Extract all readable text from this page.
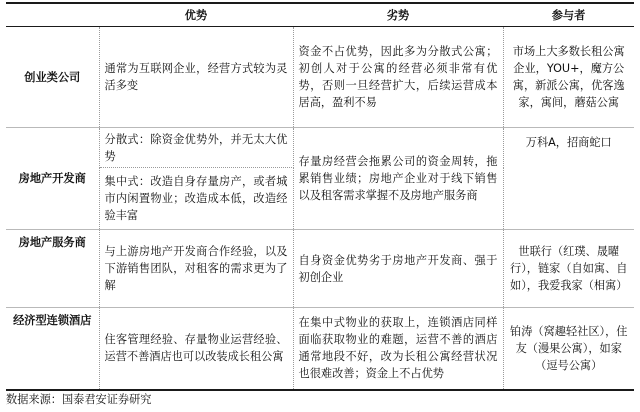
	优势	劣势	参与者
创业类公司	通常为互联网企业，经营方式较为灵活多变	资金不占优势，因此多为分散式公寓；初创人对于公寓的经营必须非常有优势，否则一旦经营扩大，后续运营成本居高，盈利不易	市场上大多数长租公寓企业，YOU+，魔方公寓，新派公寓，优客逸家，寓间，蘑菇公寓
房地产开发商	分散式：除资金优势外，并无太大优势	存量房经营会拖累公司的资金周转，拖累销售业绩；房地产企业对于线下销售以及租客需求掌握不及房地产服务商	万科A，招商蛇口
	集中式：改造自身存量房产，或者城市内闲置物业；改造成本低，改造经验丰富		
房地产服务商	与上游房地产开发商合作经验，以及下游销售团队，对租客的需求更为了解	自身资金优势劣于房地产开发商、强于初创企业	世联行（红璞、晟曜行），链家（自如寓、自如），我爱我家（相寓）
经济型连锁酒店	住客管理经验、存量物业运营经验、运营不善酒店也可以改装成长租公寓	在集中式物业的获取上，连锁酒店同样面临获取物业的难题，运营不善的酒店通常地段不好，改为长租公寓经营状况也很难改善；资金上不占优势	铂涛（窝趣轻社区），住友（漫果公寓），如家（逗号公寓）
数据来源：国泰君安证券研究
